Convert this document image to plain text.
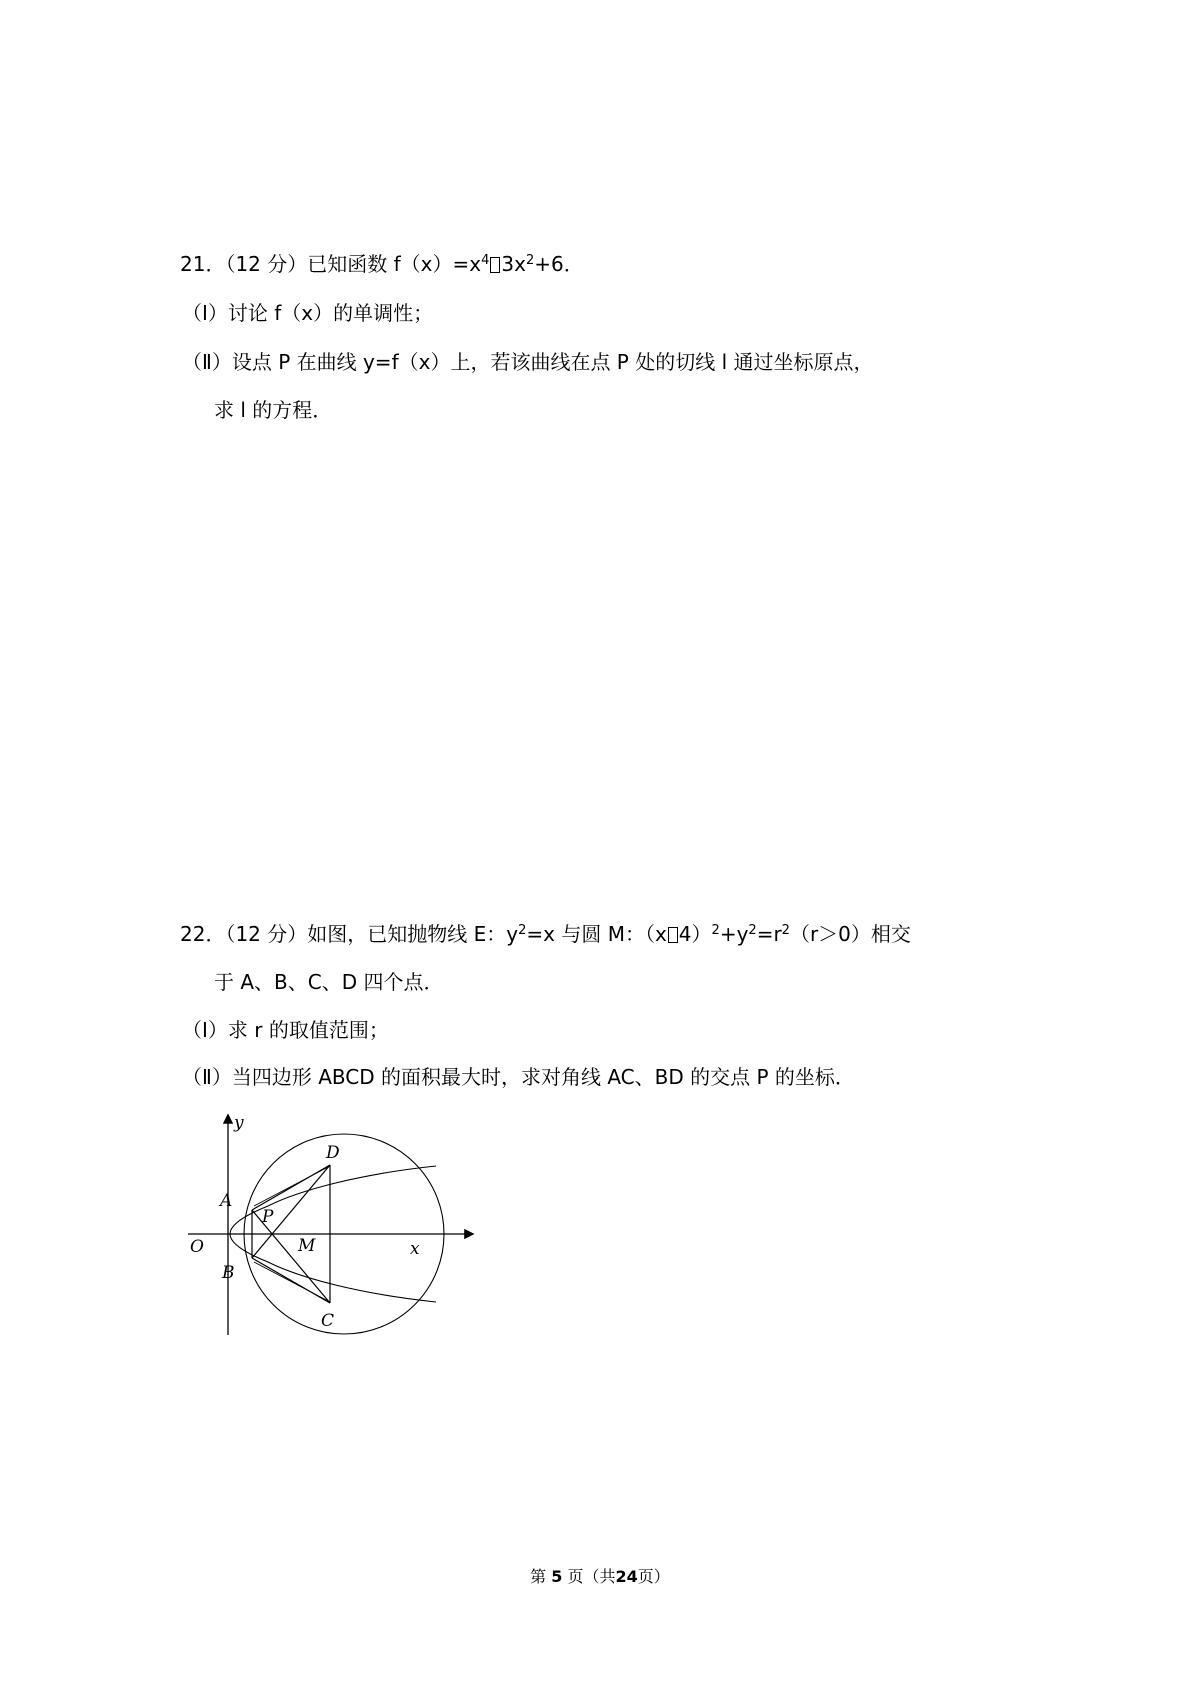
21．（12 分）已知函数 $f(x)=x^4$ $3x^2+6$．
（Ⅰ）讨论 f（x）的单调性；
（Ⅱ）设点 P 在曲线 y=f（x）上，若该曲线在点 P 处的切线 l 通过坐标原点，
求 l 的方程．
22．（12 分）如图，已知抛物线 E：$y^2=x$ 与圆 M：（x $4)^2+y^2=r^2(r>0)$相交
于 A、B、C、D 四个点．
（Ⅰ）求 r 的取值范围；
（Ⅱ）当四边形 ABCD 的面积最大时，求对角线 AC、BD 的交点 P 的坐标．
y
x
O
A
B
C
D
P
M
第 5 页（共24页）
